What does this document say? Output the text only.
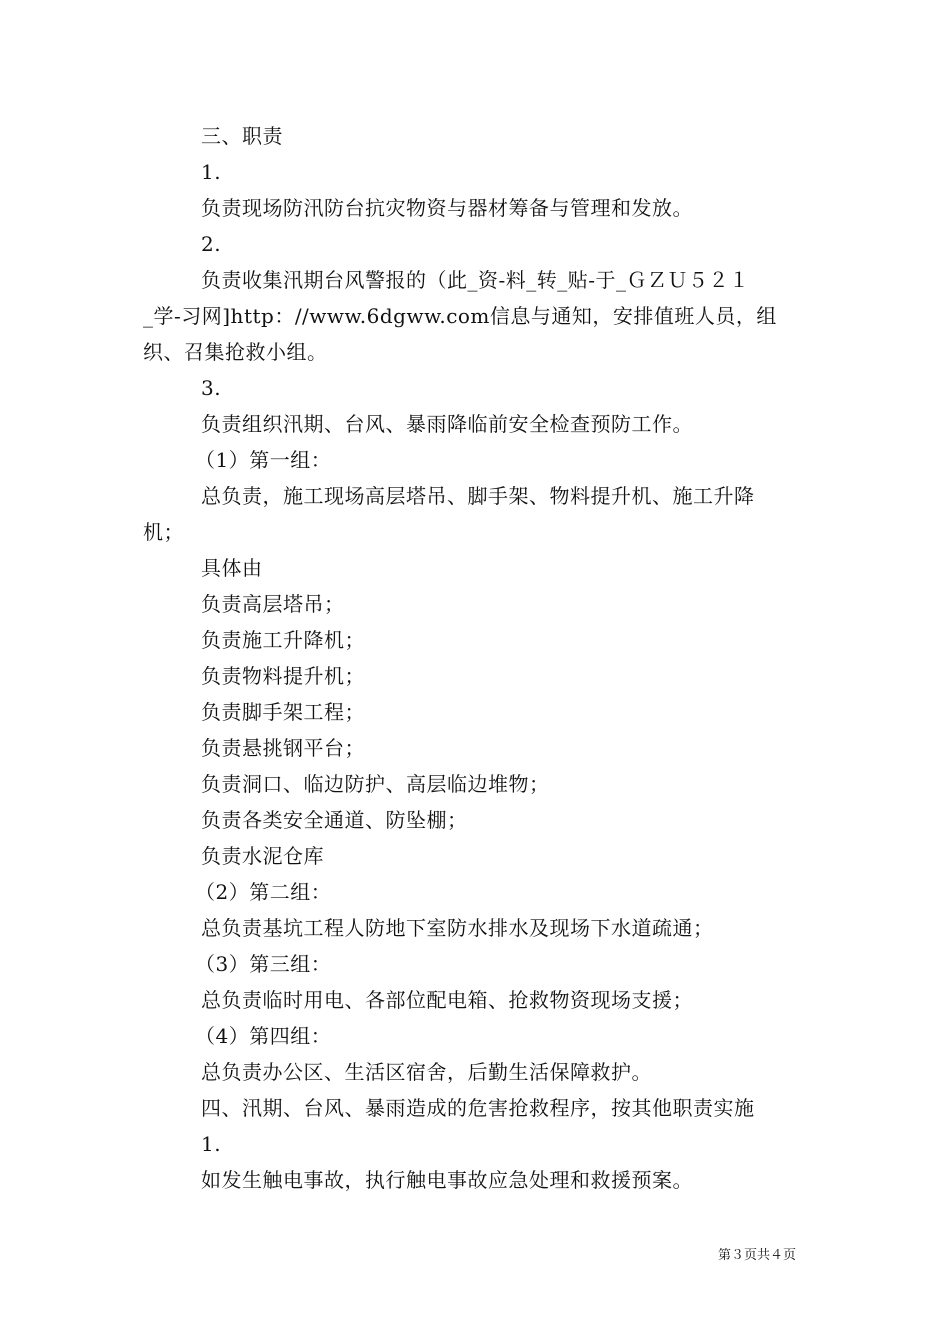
三、职责
1.
负责现场防汛防台抗灾物资与器材筹备与管理和发放。
2.
负责收集汛期台风警报的（此_资-料_转_贴-于_ＧＺＵ５２１
_学-习网]http：//www.6dgww.com信息与通知，安排值班人员，组
织、召集抢救小组。
3.
负责组织汛期、台风、暴雨降临前安全检查预防工作。
（1）第一组：
总负责，施工现场高层塔吊、脚手架、物料提升机、施工升降
机；
具体由
负责高层塔吊；
负责施工升降机；
负责物料提升机；
负责脚手架工程；
负责悬挑钢平台；
负责洞口、临边防护、高层临边堆物；
负责各类安全通道、防坠棚；
负责水泥仓库
（2）第二组：
总负责基坑工程人防地下室防水排水及现场下水道疏通；
（3）第三组：
总负责临时用电、各部位配电箱、抢救物资现场支援；
（4）第四组：
总负责办公区、生活区宿舍，后勤生活保障救护。
四、汛期、台风、暴雨造成的危害抢救程序，按其他职责实施
1.
如发生触电事故，执行触电事故应急处理和救援预案。
第３页共４页
